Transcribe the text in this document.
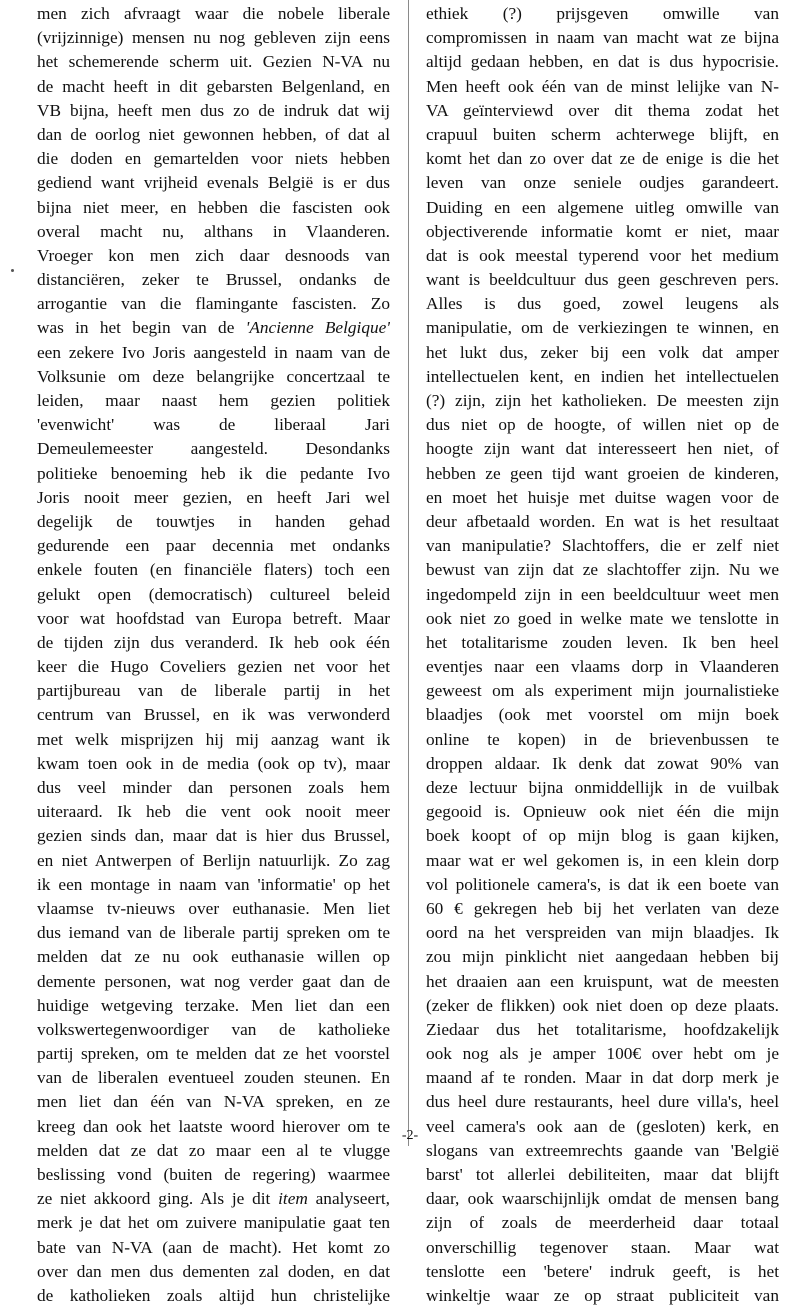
men zich afvraagt waar die nobele liberale
(vrijzinnige) mensen nu nog gebleven zijn eens
het schemerende scherm uit. Gezien N-VA nu
de macht heeft in dit gebarsten Belgenland, en
VB bijna, heeft men dus zo de indruk dat wij
dan de oorlog niet gewonnen hebben, of dat al
die doden en gemartelden voor niets hebben
gediend want vrijheid evenals België is er dus
bijna niet meer, en hebben die fascisten ook
overal macht nu, althans in Vlaanderen.
Vroeger kon men zich daar desnoods van
distanciëren, zeker te Brussel, ondanks de
arrogantie van die flamingante fascisten. Zo
was in het begin van de 'Ancienne Belgique'
een zekere Ivo Joris aangesteld in naam van de
Volksunie om deze belangrijke concertzaal te
leiden, maar naast hem gezien politiek
'evenwicht' was de liberaal Jari
Demeulemeester aangesteld. Desondanks
politieke benoeming heb ik die pedante Ivo
Joris nooit meer gezien, en heeft Jari wel
degelijk de touwtjes in handen gehad
gedurende een paar decennia met ondanks
enkele fouten (en financiële flaters) toch een
gelukt open (democratisch) cultureel beleid
voor wat hoofdstad van Europa betreft. Maar
de tijden zijn dus veranderd. Ik heb ook één
keer die Hugo Coveliers gezien net voor het
partijbureau van de liberale partij in het
centrum van Brussel, en ik was verwonderd
met welk misprijzen hij mij aanzag want ik
kwam toen ook in de media (ook op tv), maar
dus veel minder dan personen zoals hem
uiteraard. Ik heb die vent ook nooit meer
gezien sinds dan, maar dat is hier dus Brussel,
en niet Antwerpen of Berlijn natuurlijk. Zo zag
ik een montage in naam van 'informatie' op het
vlaamse tv-nieuws over euthanasie. Men liet
dus iemand van de liberale partij spreken om te
melden dat ze nu ook euthanasie willen op
demente personen, wat nog verder gaat dan de
huidige wetgeving terzake. Men liet dan een
volkswertegenwoordiger van de katholieke
partij spreken, om te melden dat ze het voorstel
van de liberalen eventueel zouden steunen. En
men liet dan één van N-VA spreken, en ze
kreeg dan ook het laatste woord hierover om te
melden dat ze dat zo maar een al te vlugge
beslissing vond (buiten de regering) waarmee
ze niet akkoord ging. Als je dit item analyseert,
merk je dat het om zuivere manipulatie gaat ten
bate van N-VA (aan de macht). Het komt zo
over dan men dus dementen zal doden, en dat
de katholieken zoals altijd hun christelijke
ethiek (?) prijsgeven omwille van
compromissen in naam van macht wat ze bijna
altijd gedaan hebben, en dat is dus hypocrisie.
Men heeft ook één van de minst lelijke van N-
VA geïnterviewd over dit thema zodat het
crapuul buiten scherm achterwege blijft, en
komt het dan zo over dat ze de enige is die het
leven van onze seniele oudjes garandeert.
Duiding en een algemene uitleg omwille van
objectiverende informatie komt er niet, maar
dat is ook meestal typerend voor het medium
want is beeldcultuur dus geen geschreven pers.
Alles is dus goed, zowel leugens als
manipulatie, om de verkiezingen te winnen, en
het lukt dus, zeker bij een volk dat amper
intellectuelen kent, en indien het intellectuelen
(?) zijn, zijn het katholieken. De meesten zijn
dus niet op de hoogte, of willen niet op de
hoogte zijn want dat interesseert hen niet, of
hebben ze geen tijd want groeien de kinderen,
en moet het huisje met duitse wagen voor de
deur afbetaald worden. En wat is het resultaat
van manipulatie? Slachtoffers, die er zelf niet
bewust van zijn dat ze slachtoffer zijn. Nu we
ingedompeld zijn in een beeldcultuur weet men
ook niet zo goed in welke mate we tenslotte in
het totalitarisme zouden leven. Ik ben heel
eventjes naar een vlaams dorp in Vlaanderen
geweest om als experiment mijn journalistieke
blaadjes (ook met voorstel om mijn boek
online te kopen) in de brievenbussen te
droppen aldaar. Ik denk dat zowat 90% van
deze lectuur bijna onmiddellijk in de vuilbak
gegooid is. Opnieuw ook niet één die mijn
boek koopt of op mijn blog is gaan kijken,
maar wat er wel gekomen is, in een klein dorp
vol politionele camera's, is dat ik een boete van
60 € gekregen heb bij het verlaten van deze
oord na het verspreiden van mijn blaadjes. Ik
zou mijn pinklicht niet aangedaan hebben bij
het draaien aan een kruispunt, wat de meesten
(zeker de flikken) ook niet doen op deze plaats.
Ziedaar dus het totalitarisme, hoofdzakelijk
ook nog als je amper 100€ over hebt om je
maand af te ronden. Maar in dat dorp merk je
dus heel dure restaurants, heel dure villa's, heel
veel camera's ook aan de (gesloten) kerk, en
slogans van extreemrechts gaande van 'België
barst' tot allerlei debiliteiten, maar dat blijft
daar, ook waarschijnlijk omdat de mensen bang
zijn of zoals de meerderheid daar totaal
onverschillig tegenover staan. Maar wat
tenslotte een 'betere' indruk geeft, is het
winkeltje waar ze op straat publiciteit van
-2-
